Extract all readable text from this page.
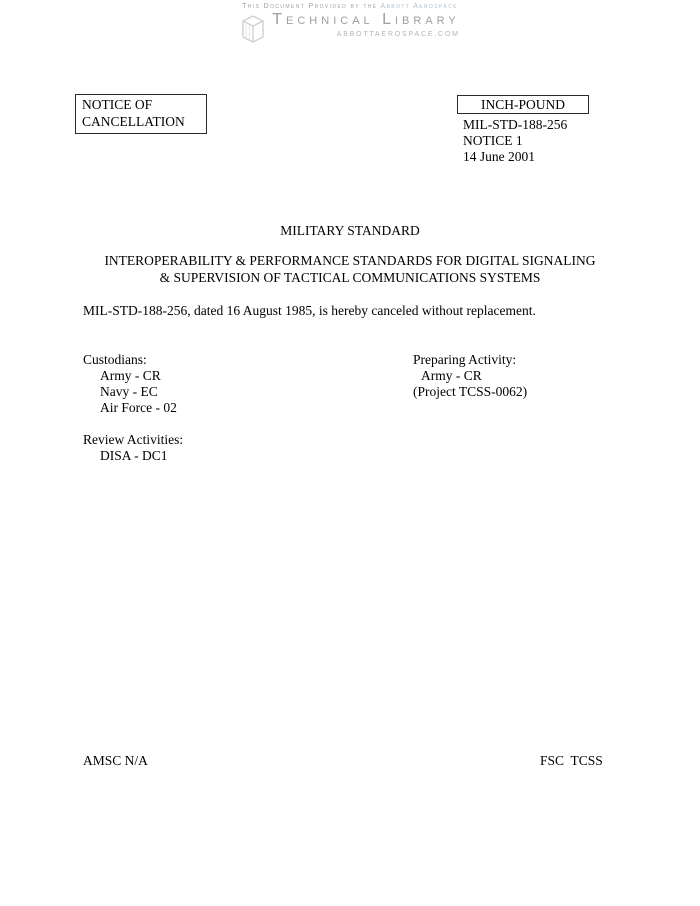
This Document Provided by the Abbott Aerospace
Technical Library
ABBOTTAEROSPACE.COM
NOTICE OF
CANCELLATION
INCH-POUND
MIL-STD-188-256
NOTICE 1
14 June 2001
MILITARY STANDARD
INTEROPERABILITY & PERFORMANCE STANDARDS FOR DIGITAL SIGNALING
& SUPERVISION OF TACTICAL COMMUNICATIONS SYSTEMS
MIL-STD-188-256, dated 16 August 1985, is hereby canceled without replacement.
Custodians:
Army - CR
Navy - EC
Air Force - 02
Preparing Activity:
Army - CR
(Project TCSS-0062)
Review Activities:
DISA - DC1
AMSC N/A	FSC  TCSS
